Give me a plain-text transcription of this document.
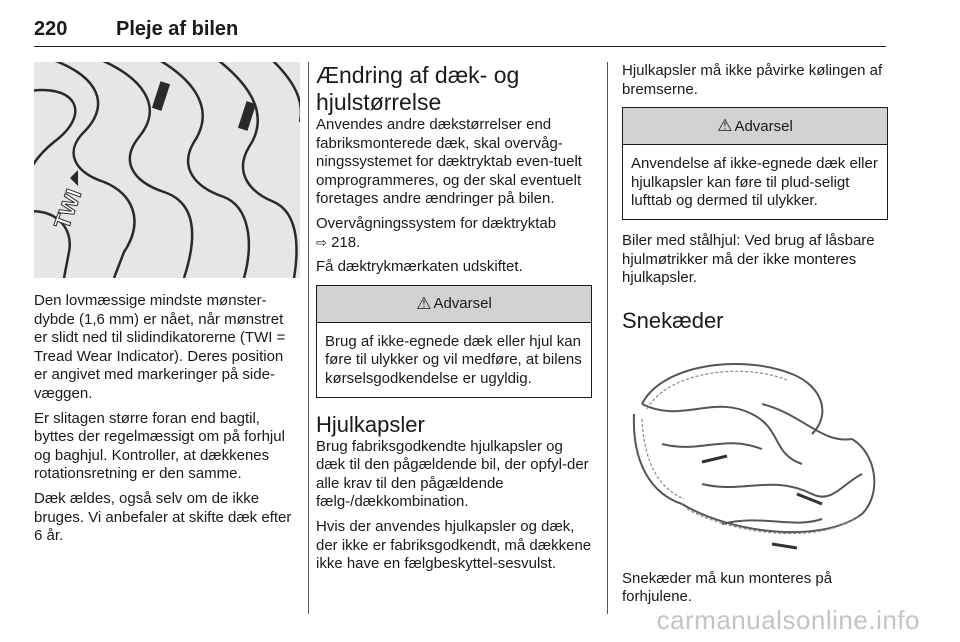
220 Pleje af bilen
TWI

Den lovmæssige mindste mønster‐dybde (1,6 mm) er nået, når mønstret er slidt ned til slidindikatorerne (TWI = Tread Wear Indicator). Deres position er angivet med markeringer på side‐væggen.

Er slitagen større foran end bagtil, byttes der regelmæssigt om på forhjul og baghjul. Kontroller, at dækkenes rotationsretning er den samme.

Dæk ældes, også selv om de ikke bruges. Vi anbefaler at skifte dæk efter 6 år.

Ændring af dæk- og hjulstørrelse

Anvendes andre dækstørrelser end fabriksmonterede dæk, skal overvåg‐ningssystemet for dæktryktab even‐tuelt omprogrammeres, og der skal eventuelt foretages andre ændringer på bilen.

Overvågningssystem for dæktryktab
⇨ 218.

Få dæktrykmærkaten udskiftet.

⚠ Advarsel
Brug af ikke-egnede dæk eller hjul kan føre til ulykker og vil medføre, at bilens kørselsgodkendelse er ugyldig.
Hjulkapsler

Brug fabriksgodkendte hjulkapsler og dæk til den pågældende bil, der opfyl‐der alle krav til den pågældende fælg-/dækkombination.

Hvis der anvendes hjulkapsler og dæk, der ikke er fabriksgodkendt, må dækkene ikke have en fælgbeskyttel‐sesvulst.

Hjulkapsler må ikke påvirke kølingen af bremserne.

⚠ Advarsel
Anvendelse af ikke-egnede dæk eller hjulkapsler kan føre til plud‐seligt lufttab og dermed til ulykker.

Biler med stålhjul: Ved brug af låsbare hjulmøtrikker må der ikke monteres hjulkapsler.

Snekæder

Snekæder må kun monteres på forhjulene.

carmanualsonline.info
